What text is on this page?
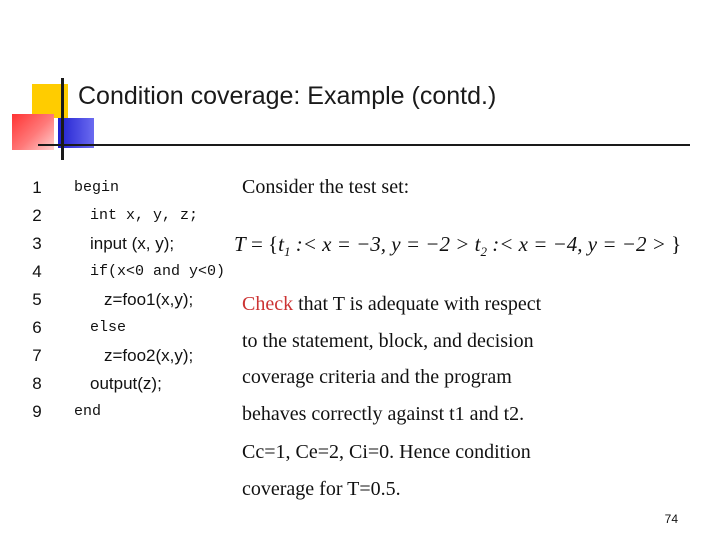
Condition coverage: Example (contd.)
1	begin
2	int x, y, z;
3	input (x, y);
4	if(x<0 and y<0)
5	z=foo1(x,y);
6	else
7	z=foo2(x,y);
8	output(z);
9	end
Consider the test set:
$T = \{t_1$ :< x = −3, $y = -2 > t_2$ :< x = −4, y = −2 > }
Check that T is adequate with respect
to the statement, block, and decision
coverage criteria and the program
behaves correctly against t1 and t2.
Cc=1, Ce=2, Ci=0. Hence condition
coverage for T=0.5.
74
